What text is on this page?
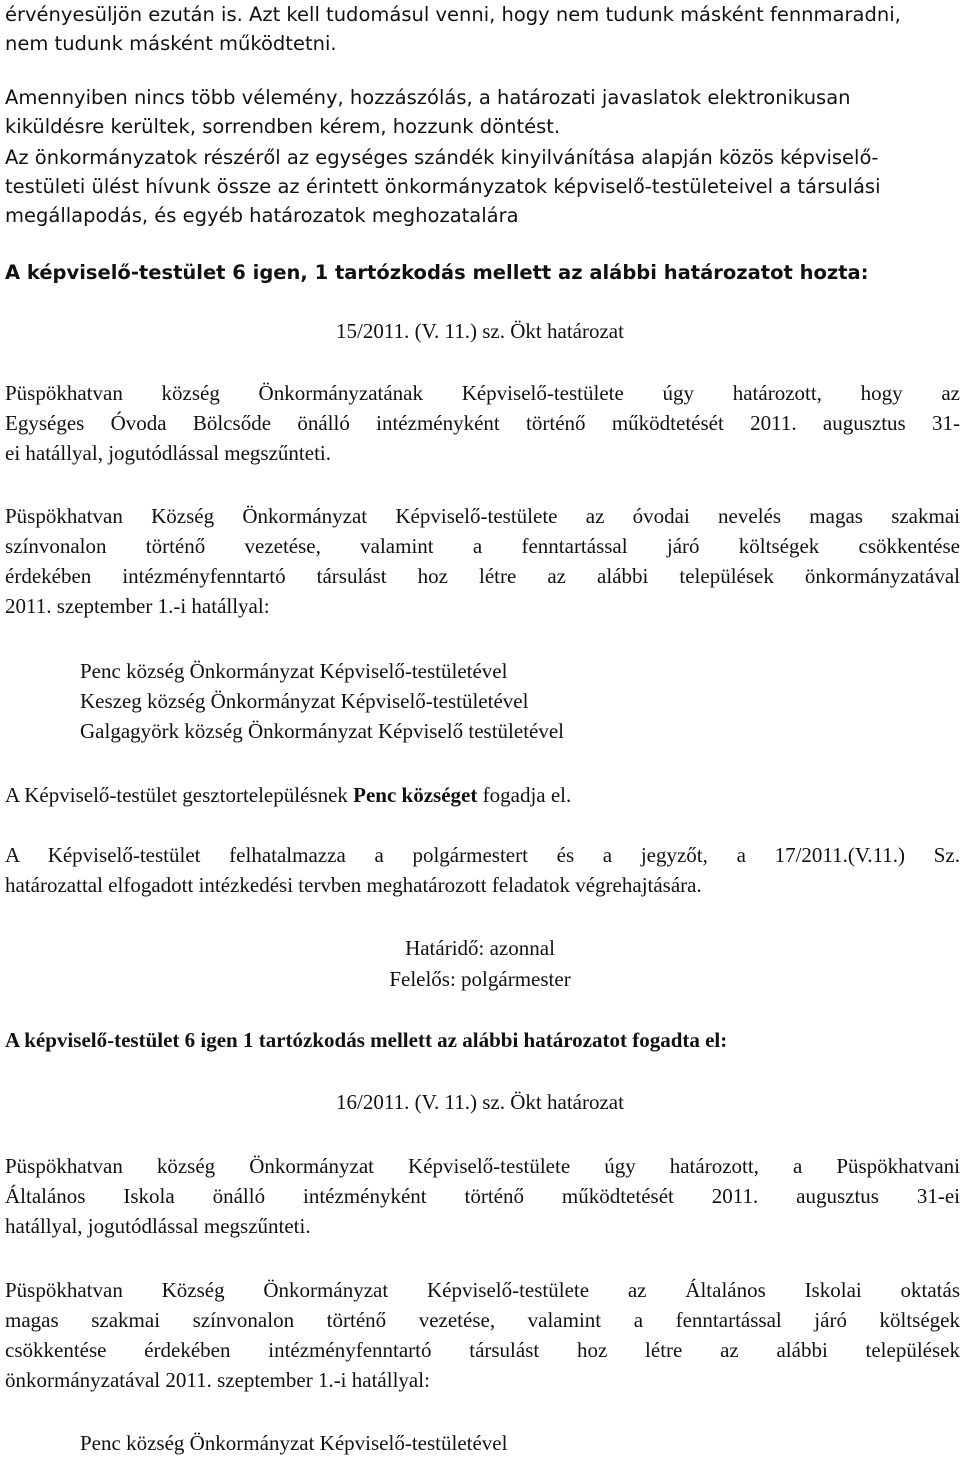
érvényesüljön ezután is. Azt kell tudomásul venni, hogy nem tudunk másként fennmaradni,
nem tudunk másként működtetni.
Amennyiben nincs több vélemény, hozzászólás, a határozati javaslatok elektronikusan
kiküldésre kerültek, sorrendben kérem, hozzunk döntést.
Az önkormányzatok részéről az egységes szándék kinyilvánítása alapján közös képviselő-
testületi ülést hívunk össze az érintett önkormányzatok képviselő-testületeivel a társulási
megállapodás, és egyéb határozatok meghozatalára
A képviselő-testület 6 igen, 1 tartózkodás mellett az alábbi határozatot hozta:
15/2011. (V. 11.) sz. Ökt határozat
Püspökhatvan község Önkormányzatának Képviselő-testülete úgy határozott, hogy az
Egységes Óvoda Bölcsőde önálló intézményként történő működtetését 2011. augusztus 31-
ei hatállyal, jogutódlással megszűnteti.
Püspökhatvan Község Önkormányzat Képviselő-testülete az óvodai nevelés magas szakmai
színvonalon történő vezetése, valamint a fenntartással járó költségek csökkentése
érdekében intézményfenntartó társulást hoz létre az alábbi települések önkormányzatával
2011. szeptember 1.-i hatállyal:
Penc község Önkormányzat Képviselő-testületével
Keszeg község Önkormányzat Képviselő-testületével
Galgagyörk község Önkormányzat Képviselő testületével
A Képviselő-testület gesztortelepülésnek Penc községet fogadja el.
A Képviselő-testület felhatalmazza a polgármestert és a jegyzőt, a 17/2011.(V.11.) Sz.
határozattal elfogadott intézkedési tervben meghatározott feladatok végrehajtására.
Határidő: azonnal
Felelős: polgármester
A képviselő-testület 6 igen 1 tartózkodás mellett az alábbi határozatot fogadta el:
16/2011. (V. 11.) sz. Ökt határozat
Püspökhatvan község Önkormányzat Képviselő-testülete úgy határozott, a Püspökhatvani
Általános Iskola önálló intézményként történő működtetését 2011. augusztus 31-ei
hatállyal, jogutódlással megszűnteti.
Püspökhatvan Község Önkormányzat Képviselő-testülete az Általános Iskolai oktatás
magas szakmai színvonalon történő vezetése, valamint a fenntartással járó költségek
csökkentése érdekében intézményfenntartó társulást hoz létre az alábbi települések
önkormányzatával 2011. szeptember 1.-i hatállyal:
Penc község Önkormányzat Képviselő-testületével
